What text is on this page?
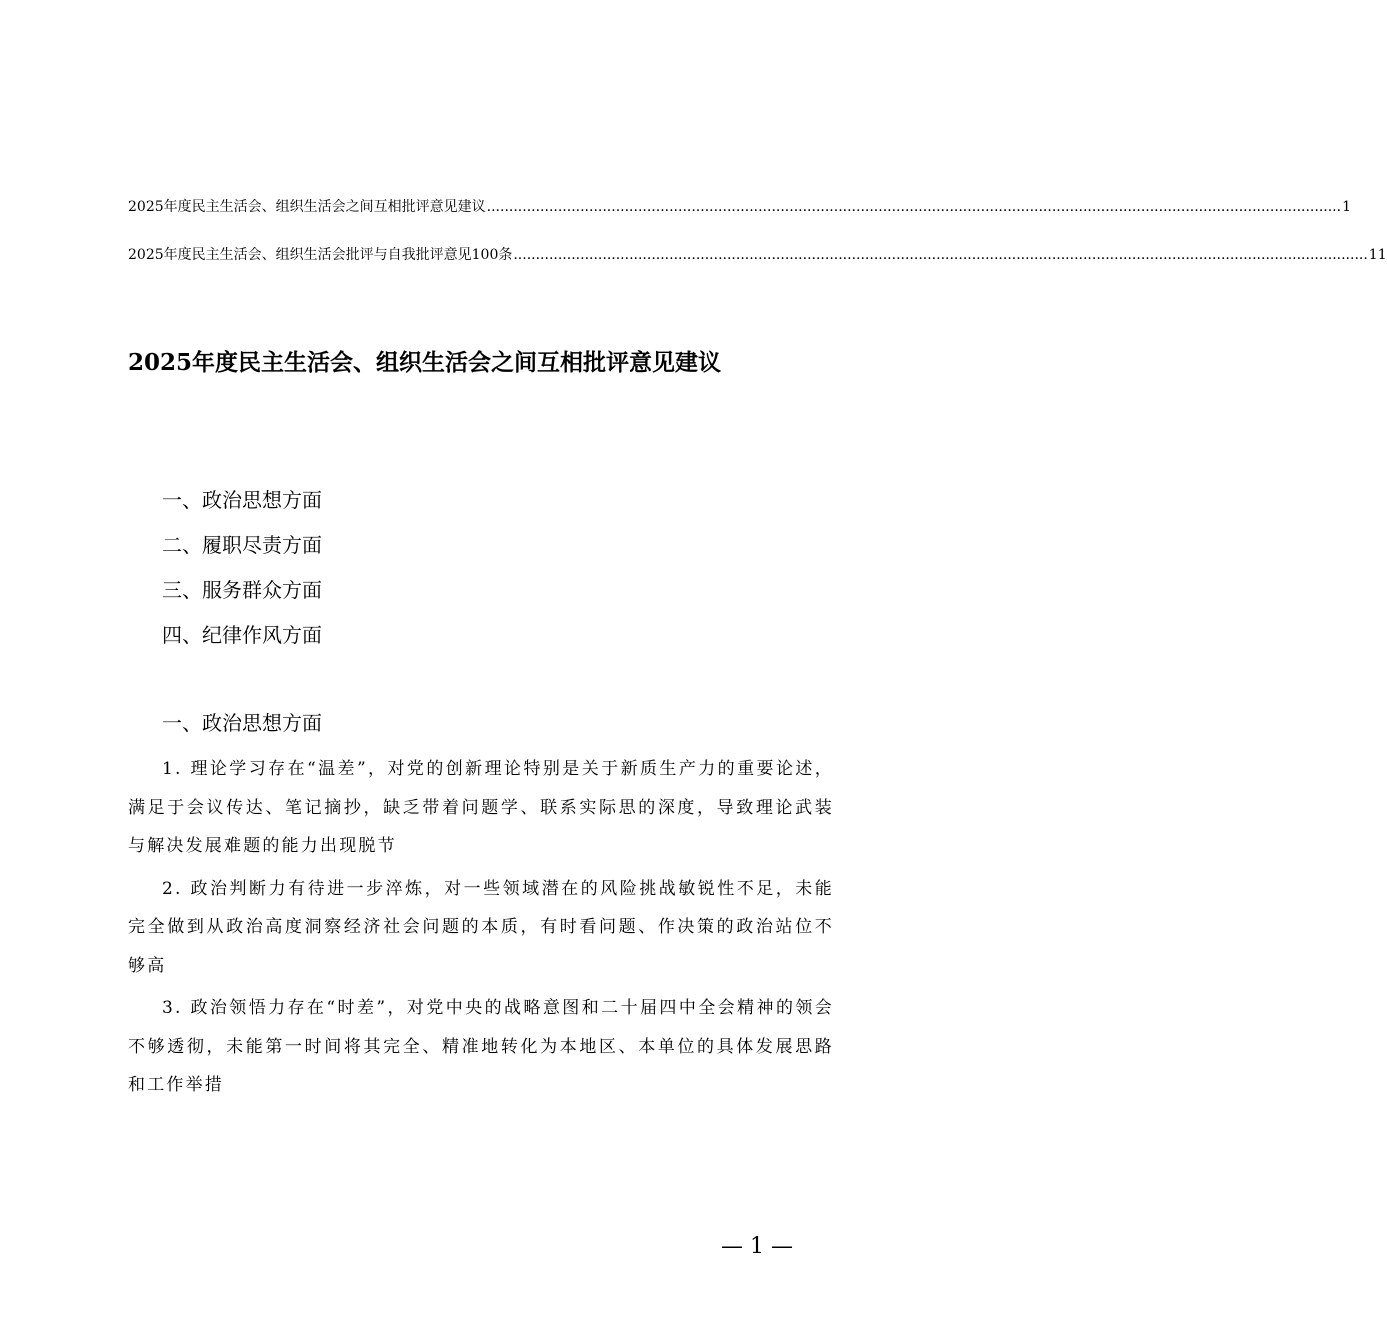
2025年度民主生活会、组织生活会之间互相批评意见建议 ................................................................................................................................................................................................ 1
2025年度民主生活会、组织生活会批评与自我批评意见100条 ................................................................................................................................................................................................ 11
2025年度民主生活会、组织生活会之间互相批评意见建议
一、政治思想方面
二、履职尽责方面
三、服务群众方面
四、纪律作风方面
一、政治思想方面

1. 理论学习存在“温差”，对党的创新理论特别是关于新质生产力的重要论述，满足于会议传达、笔记摘抄，缺乏带着问题学、联系实际思的深度，导致理论武装与解决发展难题的能力出现脱节

2. 政治判断力有待进一步淬炼，对一些领域潜在的风险挑战敏锐性不足，未能完全做到从政治高度洞察经济社会问题的本质，有时看问题、作决策的政治站位不够高

3. 政治领悟力存在“时差”，对党中央的战略意图和二十届四中全会精神的领会不够透彻，未能第一时间将其完全、精准地转化为本地区、本单位的具体发展思路和工作举措

— 1 —
